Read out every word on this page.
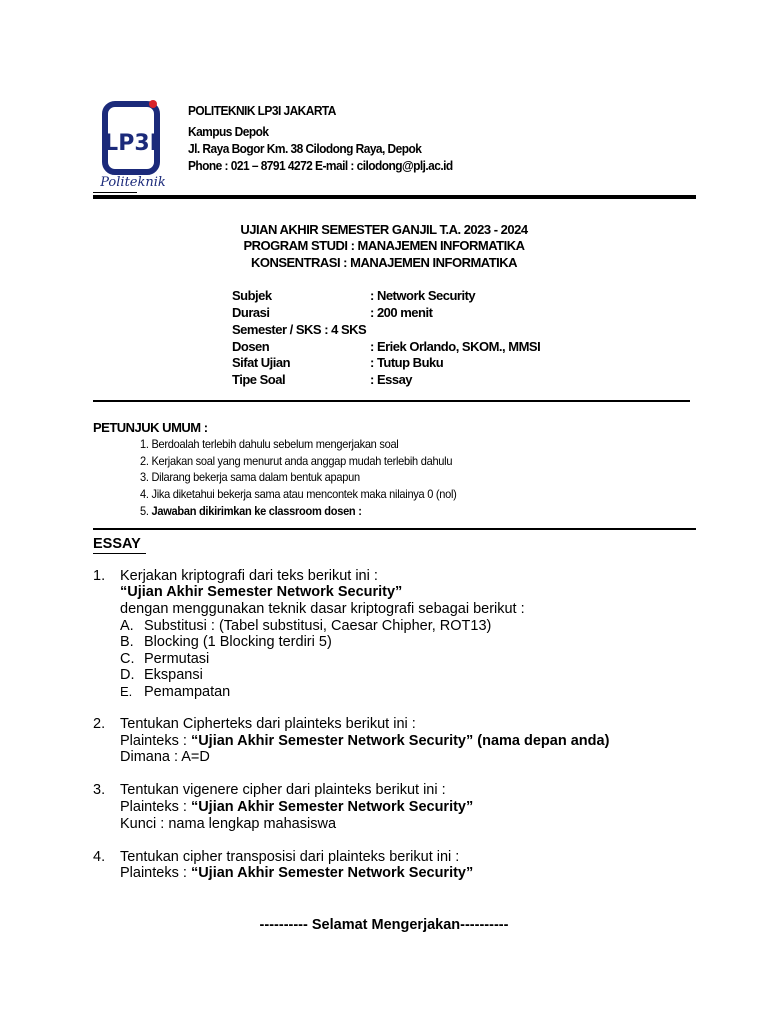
LP3I
Politeknik
POLITEKNIK LP3I JAKARTA
Kampus Depok
Jl. Raya Bogor Km. 38 Cilodong Raya, Depok
Phone : 021 – 8791 4272 E-mail : cilodong@plj.ac.id
UJIAN AKHIR SEMESTER GANJIL T.A. 2023 - 2024
PROGRAM STUDI : MANAJEMEN INFORMATIKA
KONSENTRASI : MANAJEMEN INFORMATIKA
Subjek	: Network Security
Durasi	: 200 menit
Semester / SKS : 4 SKS
Dosen	: Eriek Orlando, SKOM., MMSI
Sifat Ujian	: Tutup Buku
Tipe Soal	: Essay
PETUNJUK UMUM :
1. Berdoalah terlebih dahulu sebelum mengerjakan soal
2. Kerjakan soal yang menurut anda anggap mudah terlebih dahulu
3. Dilarang bekerja sama dalam bentuk apapun
4. Jika diketahui bekerja sama atau mencontek maka nilainya 0 (nol)
5. Jawaban dikirimkan ke classroom dosen :
ESSAY
1. Kerjakan kriptografi dari teks berikut ini :
“Ujian Akhir Semester Network Security”
dengan menggunakan teknik dasar kriptografi sebagai berikut :
A. Substitusi : (Tabel substitusi, Caesar Chipher, ROT13)
B. Blocking (1 Blocking terdiri 5)
C. Permutasi
D. Ekspansi
E. Pemampatan
2. Tentukan Cipherteks dari plainteks berikut ini :
Plainteks : “Ujian Akhir Semester Network Security” (nama depan anda)
Dimana : A=D
3. Tentukan vigenere cipher dari plainteks berikut ini :
Plainteks : “Ujian Akhir Semester Network Security”
Kunci : nama lengkap mahasiswa
4. Tentukan cipher transposisi dari plainteks berikut ini :
Plainteks : “Ujian Akhir Semester Network Security”
---------- Selamat Mengerjakan----------
